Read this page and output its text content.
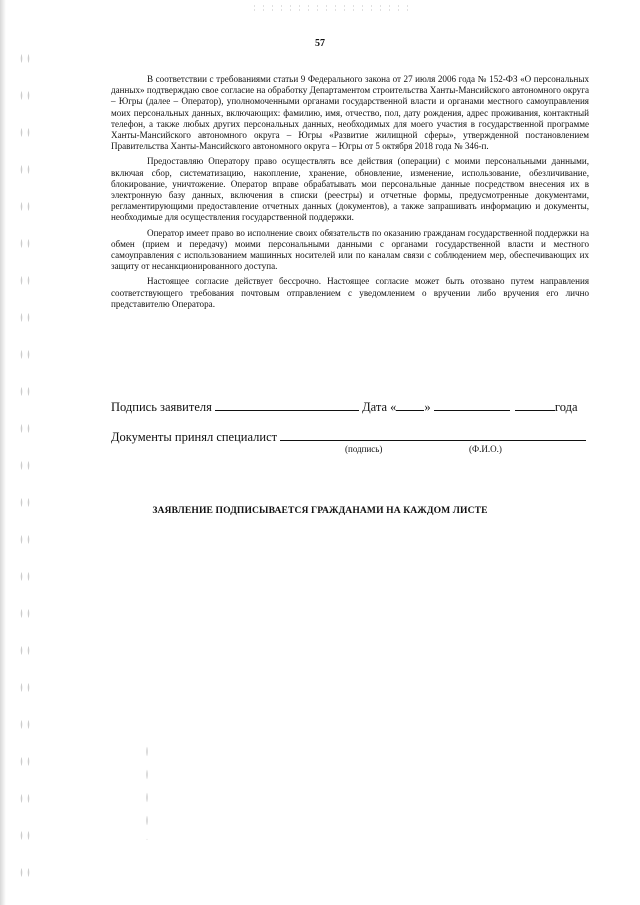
57

В соответствии с требованиями статьи 9 Федерального закона от 27 июля 2006 года № 152-ФЗ «О персональных данных» подтверждаю свое согласие на обработку Департаментом строительства Ханты-Мансийского автономного округа – Югры (далее – Оператор), уполномоченными органами государственной власти и органами местного самоуправления моих персональных данных, включающих: фамилию, имя, отчество, пол, дату рождения, адрес проживания, контактный телефон, а также любых других персональных данных, необходимых для моего участия в государственной программе Ханты-Мансийского автономного округа – Югры «Развитие жилищной сферы», утвержденной постановлением Правительства Ханты-Мансийского автономного округа – Югры от 5 октября 2018 года № 346-п.

Предоставляю Оператору право осуществлять все действия (операции) с моими персональными данными, включая сбор, систематизацию, накопление, хранение, обновление, изменение, использование, обезличивание, блокирование, уничтожение. Оператор вправе обрабатывать мои персональные данные посредством внесения их в электронную базу данных, включения в списки (реестры) и отчетные формы, предусмотренные документами, регламентирующими предоставление отчетных данных (документов), а также запрашивать информацию и документы, необходимые для осуществления государственной поддержки.

Оператор имеет право во исполнение своих обязательств по оказанию гражданам государственной поддержки на обмен (прием и передачу) моими персональными данными с органами государственной власти и местного самоуправления с использованием машинных носителей или по каналам связи с соблюдением мер, обеспечивающих их защиту от несанкционированного доступа.

Настоящее согласие действует бессрочно. Настоящее согласие может быть отозвано путем направления соответствующего требования почтовым отправлением с уведомлением о вручении либо вручения его лично представителю Оператора.

Подпись заявителя	Дата « »	года
Документы принял специалист
(подпись)	(Ф.И.О.)
ЗАЯВЛЕНИЕ ПОДПИСЫВАЕТСЯ ГРАЖДАНАМИ НА КАЖДОМ ЛИСТЕ
